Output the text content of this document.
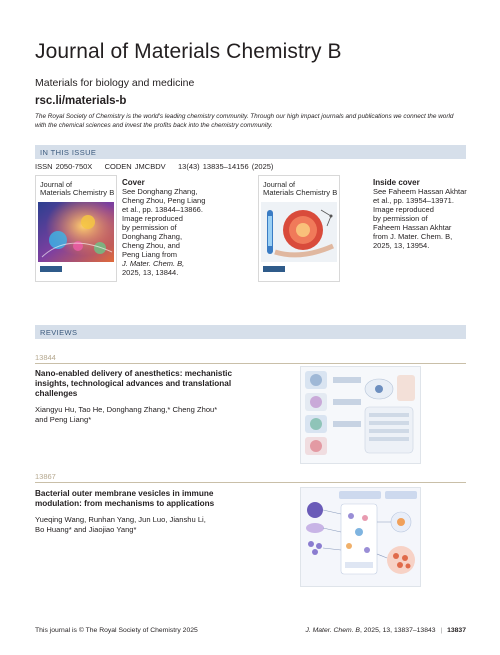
Journal of Materials Chemistry B
Materials for biology and medicine
rsc.li/materials-b
The Royal Society of Chemistry is the world's leading chemistry community. Through our high impact journals and publications we connect the world with the chemical sciences and invest the profits back into the chemistry community.
IN THIS ISSUE
ISSN 2050-750X CODEN JMCBDV 13(43) 13835–14156 (2025)
Journal of
Materials Chemistry B
Cover
See Donghang Zhang,
Cheng Zhou, Peng Liang
et al., pp. 13844–13866.
Image reproduced
by permission of
Donghang Zhang,
Cheng Zhou, and
Peng Liang from
J. Mater. Chem. B,
2025, 13, 13844.
Journal of
Materials Chemistry B
Inside cover
See Faheem Hassan Akhtar
et al., pp. 13954–13971.
Image reproduced
by permission of
Faheem Hassan Akhtar
from J. Mater. Chem. B,
2025, 13, 13954.
REVIEWS
13844
Nano-enabled delivery of anesthetics: mechanistic
insights, technological advances and translational
challenges
Xiangyu Hu, Tao He, Donghang Zhang,* Cheng Zhou*
and Peng Liang*
13867
Bacterial outer membrane vesicles in immune
modulation: from mechanisms to applications
Yueqing Wang, Runhan Yang, Jun Luo, Jianshu Li,
Bo Huang* and Jiaojiao Yang*
This journal is © The Royal Society of Chemistry 2025	J. Mater. Chem. B, 2025, 13, 13837–13843 | 13837
